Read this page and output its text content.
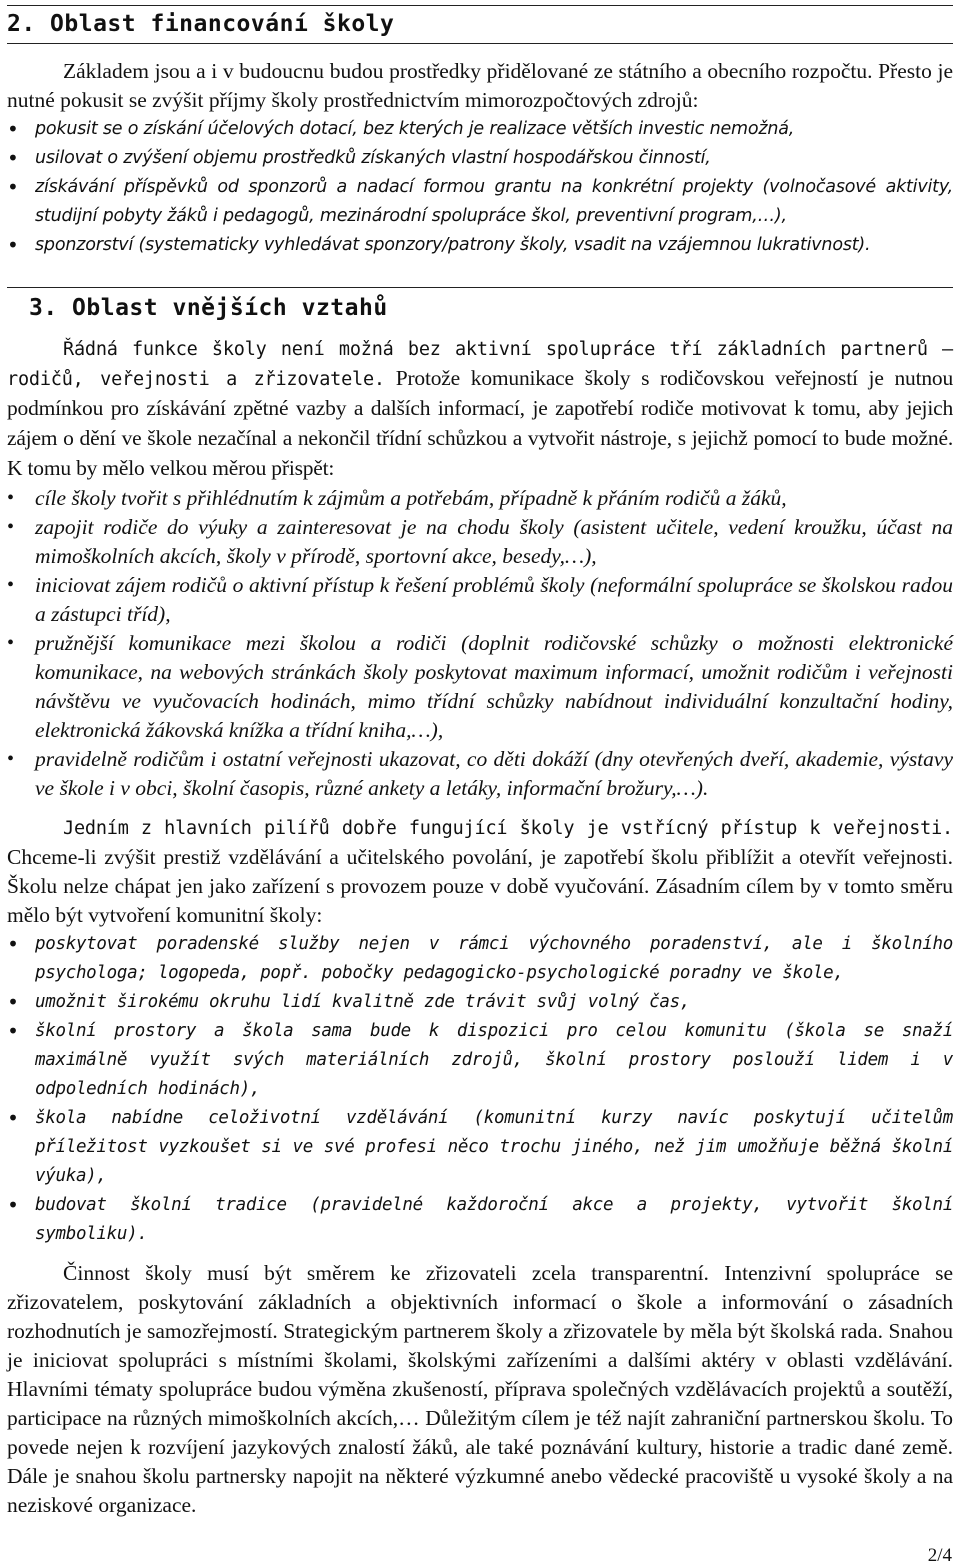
2. Oblast financování školy

Základem jsou a i v budoucnu budou prostředky přidělované ze státního a obecního rozpočtu. Přesto je nutné pokusit se zvýšit příjmy školy prostřednictvím mimorozpočtových zdrojů:

• pokusit se o získání účelových dotací, bez kterých je realizace větších investic nemožná,
• usilovat o zvýšení objemu prostředků získaných vlastní hospodářskou činností,
• získávání příspěvků od sponzorů a nadací formou grantu na konkrétní projekty (volnočasové aktivity, studijní pobyty žáků i pedagogů, mezinárodní spolupráce škol, preventivní program,…),
• sponzorství (systematicky vyhledávat sponzory/patrony školy, vsadit na vzájemnou lukrativnost).
3. Oblast vnějších vztahů

Řádná funkce školy není možná bez aktivní spolupráce tří základních partnerů – rodičů, veřejnosti a zřizovatele. Protože komunikace školy s rodičovskou veřejností je nutnou podmínkou pro získávání zpětné vazby a dalších informací, je zapotřebí rodiče motivovat k tomu, aby jejich zájem o dění ve škole nezačínal a nekončil třídní schůzkou a vytvořit nástroje, s jejichž pomocí to bude možné. K tomu by mělo velkou měrou přispět:

• cíle školy tvořit s přihlédnutím k zájmům a potřebám, případně k přáním rodičů a žáků,
• zapojit rodiče do výuky a zainteresovat je na chodu školy (asistent učitele, vedení kroužku, účast na mimoškolních akcích, školy v přírodě, sportovní akce, besedy,…),
• iniciovat zájem rodičů o aktivní přístup k řešení problémů školy (neformální spolupráce se školskou radou a zástupci tříd),
• pružnější komunikace mezi školou a rodiči (doplnit rodičovské schůzky o možnosti elektronické komunikace, na webových stránkách školy poskytovat maximum informací, umožnit rodičům i veřejnosti návštěvu ve vyučovacích hodinách, mimo třídní schůzky nabídnout individuální konzultační hodiny, elektronická žákovská knížka a třídní kniha,…),
• pravidelně rodičům i ostatní veřejnosti ukazovat, co děti dokáží (dny otevřených dveří, akademie, výstavy ve škole i v obci, školní časopis, různé ankety a letáky, informační brožury,…).

Jedním z hlavních pilířů dobře fungující školy je vstřícný přístup k veřejnosti. Chceme-li zvýšit prestiž vzdělávání a učitelského povolání, je zapotřebí školu přiblížit a otevřít veřejnosti. Školu nelze chápat jen jako zařízení s provozem pouze v době vyučování. Zásadním cílem by v tomto směru mělo být vytvoření komunitní školy:

• poskytovat poradenské služby nejen v rámci výchovného poradenství, ale i školního psychologa; logopeda, popř. pobočky pedagogicko-psychologické poradny ve škole,
• umožnit širokému okruhu lidí kvalitně zde trávit svůj volný čas,
• školní prostory a škola sama bude k dispozici pro celou komunitu (škola se snaží maximálně využít svých materiálních zdrojů, školní prostory poslouží lidem i v odpoledních hodinách),
• škola nabídne celoživotní vzdělávání (komunitní kurzy navíc poskytují učitelům příležitost vyzkoušet si ve své profesi něco trochu jiného, než jim umožňuje běžná školní výuka),
• budovat školní tradice (pravidelné každoroční akce a projekty, vytvořit školní symboliku).

Činnost školy musí být směrem ke zřizovateli zcela transparentní. Intenzivní spolupráce se zřizovatelem, poskytování základních a objektivních informací o škole a informování o zásadních rozhodnutích je samozřejmostí. Strategickým partnerem školy a zřizovatele by měla být školská rada. Snahou je iniciovat spolupráci s místními školami, školskými zařízeními a dalšími aktéry v oblasti vzdělávání. Hlavními tématy spolupráce budou výměna zkušeností, příprava společných vzdělávacích projektů a soutěží, participace na různých mimoškolních akcích,… Důležitým cílem je též najít zahraniční partnerskou školu. To povede nejen k rozvíjení jazykových znalostí žáků, ale také poznávání kultury, historie a tradic dané země. Dále je snahou školu partnersky napojit na některé výzkumné anebo vědecké pracoviště u vysoké školy a na neziskové organizace.

2/4
